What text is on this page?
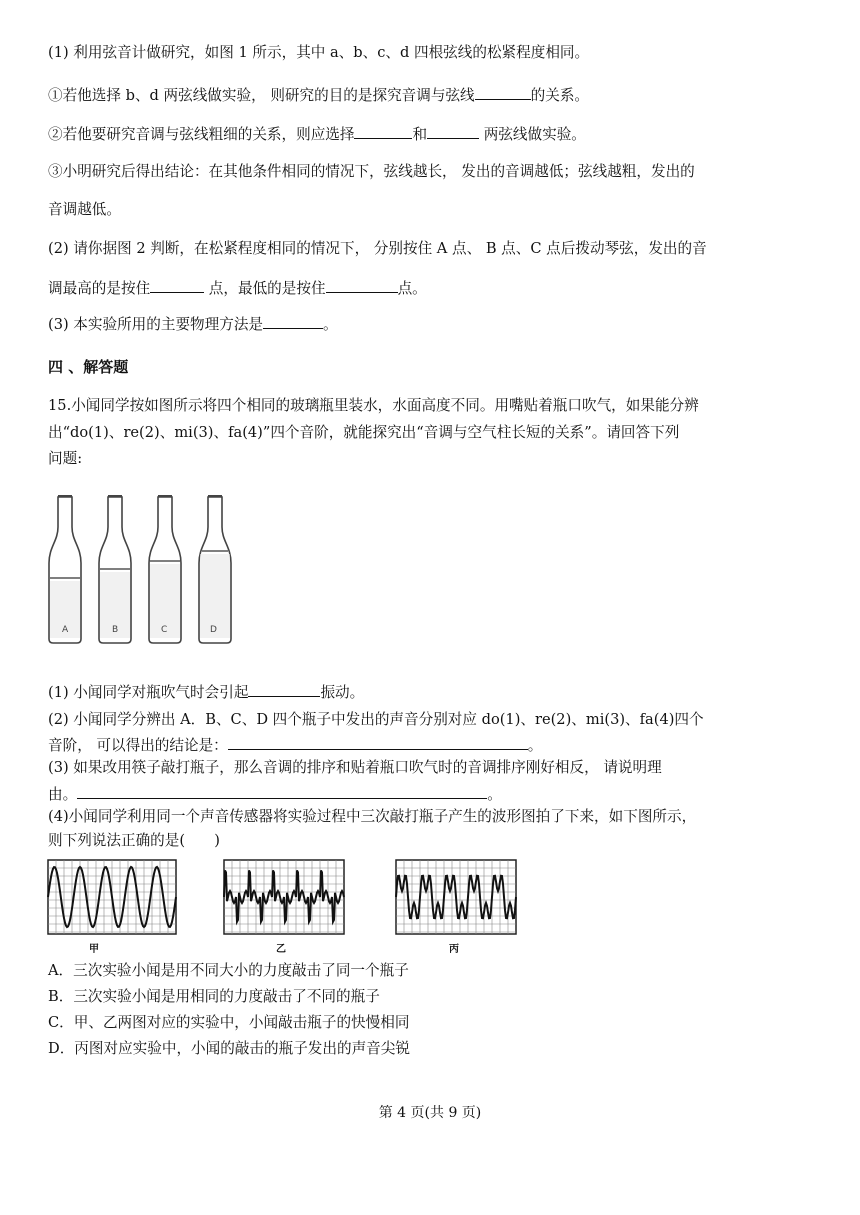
(1) 利用弦音计做研究，如图 1 所示，其中 a、b、c、d 四根弦线的松紧程度相同。
①若他选择 b、d 两弦线做实验， 则研究的目的是探究音调与弦线	的关系。
②若他要研究音调与弦线粗细的关系，则应选择	和	两弦线做实验。
③小明研究后得出结论：在其他条件相同的情况下，弦线越长， 发出的音调越低；弦线越粗，发出的
音调越低。
(2) 请你据图 2 判断，在松紧程度相同的情况下， 分别按住 A 点、 B 点、C 点后拨动琴弦，发出的音
调最高的是按住	点，最低的是按住	点。
(3) 本实验所用的主要物理方法是	。
四 、解答题
15.小闻同学按如图所示将四个相同的玻璃瓶里装水，水面高度不同。用嘴贴着瓶口吹气，如果能分辨
出“do(1)、re(2)、mi(3)、fa(4)”四个音阶，就能探究出“音调与空气柱长短的关系”。请回答下列
问题:
A	B	C	D
(1) 小闻同学对瓶吹气时会引起	振动。
(2) 小闻同学分辨出 A．B、C、D 四个瓶子中发出的声音分别对应 do(1)、re(2)、mi(3)、fa(4)四个
音阶， 可以得出的结论是：	。
(3) 如果改用筷子敲打瓶子，那么音调的排序和贴着瓶口吹气时的音调排序刚好相反， 请说明理
由。	。
(4)小闻同学利用同一个声音传感器将实验过程中三次敲打瓶子产生的波形图拍了下来，如下图所示，
则下列说法正确的是(　　)
甲	乙	丙
A．三次实验小闻是用不同大小的力度敲击了同一个瓶子
B．三次实验小闻是用相同的力度敲击了不同的瓶子
C．甲、乙两图对应的实验中，小闻敲击瓶子的快慢相同
D．丙图对应实验中，小闻的敲击的瓶子发出的声音尖锐
第 4 页(共 9 页)
